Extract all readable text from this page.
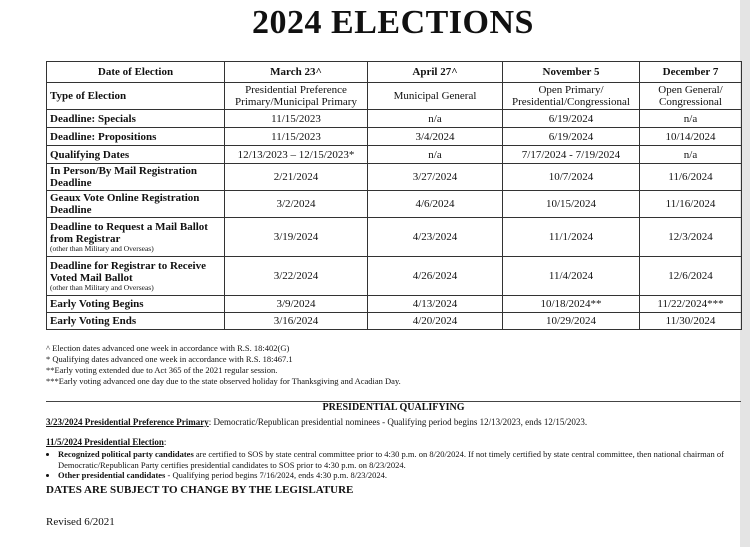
2024 ELECTIONS
Date of Election	March 23^	April 27^	November 5	December 7
Type of Election	Presidential Preference Primary/Municipal Primary	Municipal General	Open Primary/ Presidential/Congressional	Open General/ Congressional
Deadline: Specials	11/15/2023	n/a	6/19/2024	n/a
Deadline: Propositions	11/15/2023	3/4/2024	6/19/2024	10/14/2024
Qualifying Dates	12/13/2023 – 12/15/2023*	n/a	7/17/2024 - 7/19/2024	n/a
In Person/By Mail Registration Deadline	2/21/2024	3/27/2024	10/7/2024	11/6/2024
Geaux Vote Online Registration Deadline	3/2/2024	4/6/2024	10/15/2024	11/16/2024
Deadline to Request a Mail Ballot from Registrar
(other than Military and Overseas)	3/19/2024	4/23/2024	11/1/2024	12/3/2024
Deadline for Registrar to Receive Voted Mail Ballot
(other than Military and Overseas)	3/22/2024	4/26/2024	11/4/2024	12/6/2024
Early Voting Begins	3/9/2024	4/13/2024	10/18/2024**	11/22/2024***
Early Voting Ends	3/16/2024	4/20/2024	10/29/2024	11/30/2024
^ Election dates advanced one week in accordance with R.S. 18:402(G)
* Qualifying dates advanced one week in accordance with R.S. 18:467.1
**Early voting extended due to Act 365 of the 2021 regular session.
***Early voting advanced one day due to the state observed holiday for Thanksgiving and Acadian Day.
PRESIDENTIAL QUALIFYING
3/23/2024 Presidential Preference Primary: Democratic/Republican presidential nominees - Qualifying period begins 12/13/2023, ends 12/15/2023.
11/5/2024 Presidential Election:
• Recognized political party candidates are certified to SOS by state central committee prior to 4:30 p.m. on 8/20/2024. If not timely certified by state central committee, then national chairman of Democratic/Republican Party certifies presidential candidates to SOS prior to 4:30 p.m. on 8/23/2024.
• Other presidential candidates - Qualifying period begins 7/16/2024, ends 4:30 p.m. 8/23/2024.
DATES ARE SUBJECT TO CHANGE BY THE LEGISLATURE
Revised 6/2021
